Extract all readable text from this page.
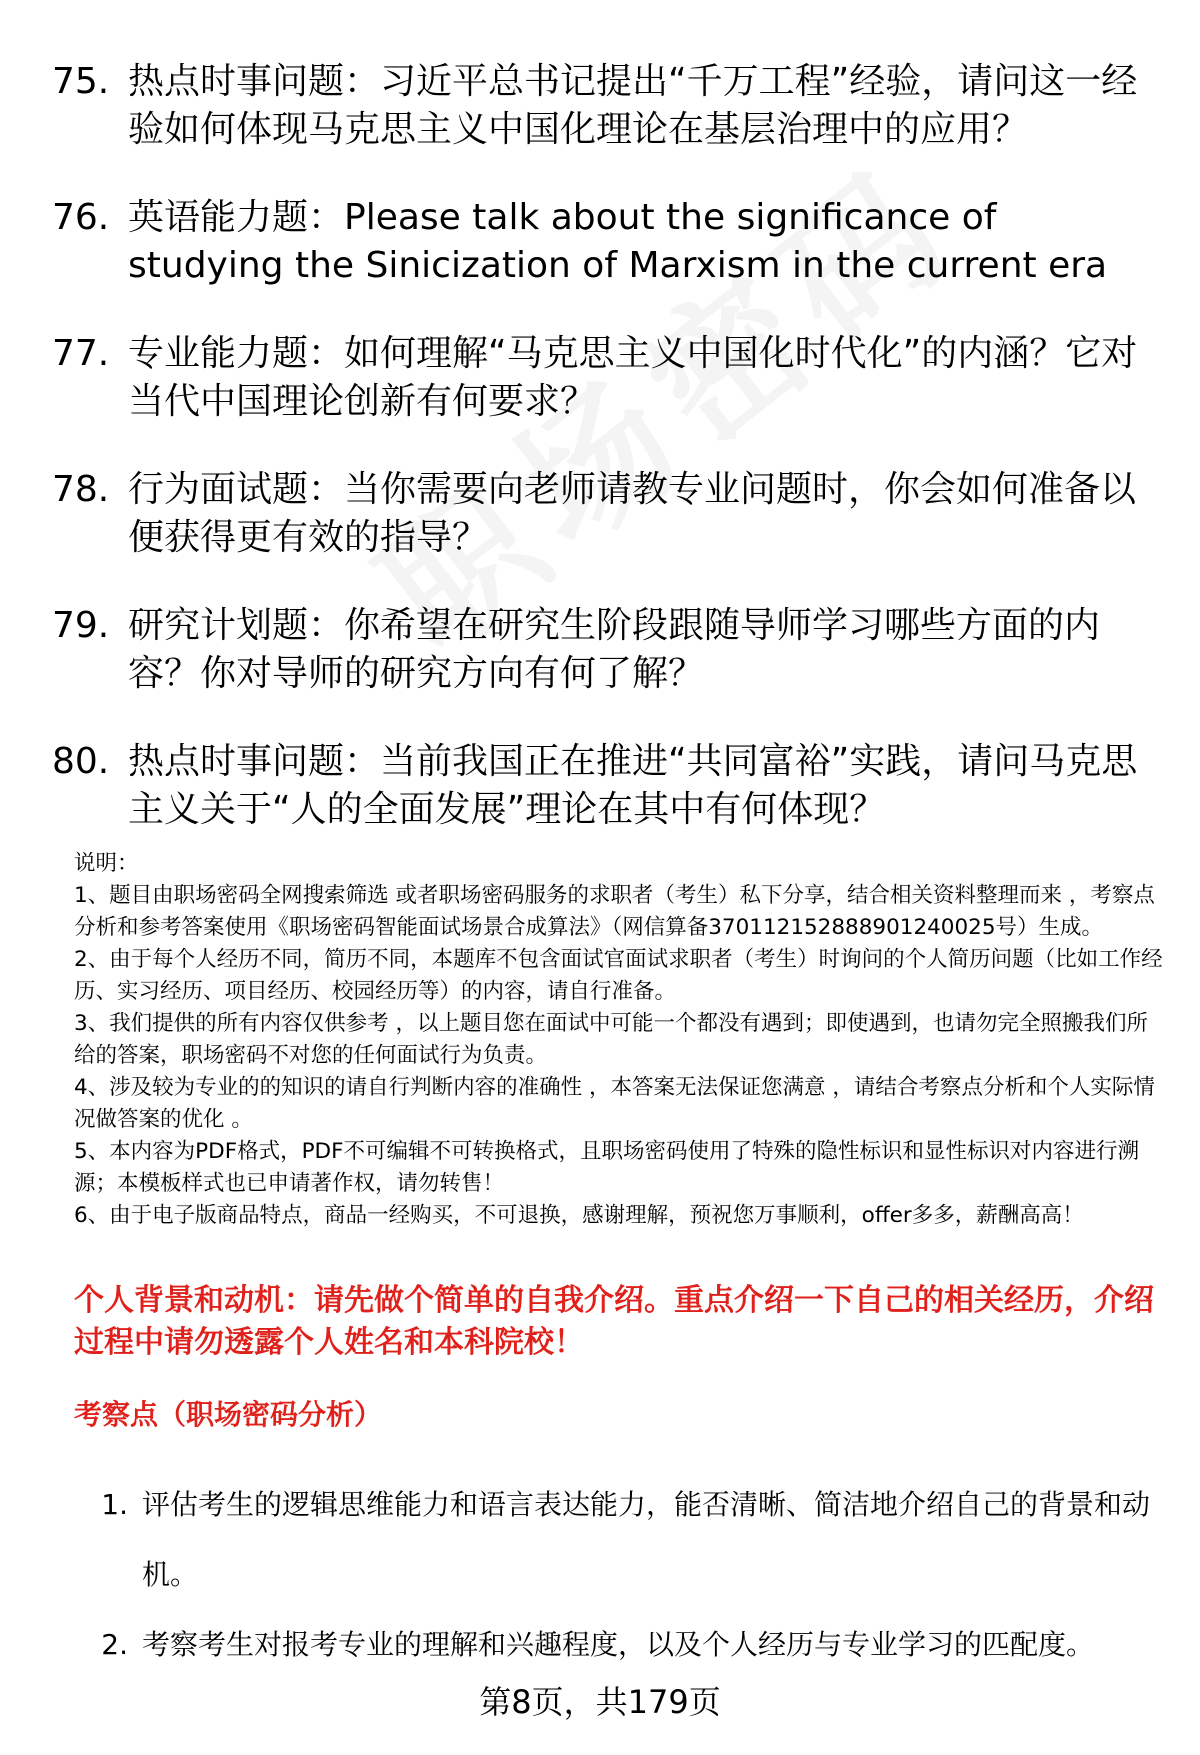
75. 热点时事问题：习近平总书记提出“千万工程”经验，请问这一经验如何体现马克思主义中国化理论在基层治理中的应用？
76. 英语能力题：Please talk about the significance of studying the Sinicization of Marxism in the current era
77. 专业能力题：如何理解“马克思主义中国化时代化”的内涵？它对当代中国理论创新有何要求？
78. 行为面试题：当你需要向老师请教专业问题时，你会如何准备以便获得更有效的指导？
79. 研究计划题：你希望在研究生阶段跟随导师学习哪些方面的内容？你对导师的研究方向有何了解？
80. 热点时事问题：当前我国正在推进“共同富裕”实践，请问马克思主义关于“人的全面发展”理论在其中有何体现？
说明：
1、题目由职场密码全网搜索筛选 或者职场密码服务的求职者（考生）私下分享，结合相关资料整理而来 ，考察点分析和参考答案使用《职场密码智能面试场景合成算法》（网信算备370112152888901240025号）生成。
2、由于每个人经历不同，简历不同，本题库不包含面试官面试求职者（考生）时询问的个人简历问题（比如工作经历、实习经历、项目经历、校园经历等）的内容，请自行准备。
3、我们提供的所有内容仅供参考 ，以上题目您在面试中可能一个都没有遇到；即使遇到，也请勿完全照搬我们所给的答案，职场密码不对您的任何面试行为负责。
4、涉及较为专业的的知识的请自行判断内容的准确性 ，本答案无法保证您满意 ，请结合考察点分析和个人实际情况做答案的优化 。
5、本内容为PDF格式，PDF不可编辑不可转换格式，且职场密码使用了特殊的隐性标识和显性标识对内容进行溯源；本模板样式也已申请著作权，请勿转售！
6、由于电子版商品特点，商品一经购买，不可退换，感谢理解，预祝您万事顺利，offer多多，薪酬高高！
个人背景和动机：请先做个简单的自我介绍。重点介绍一下自己的相关经历，介绍过程中请勿透露个人姓名和本科院校！
考察点（职场密码分析）
1. 评估考生的逻辑思维能力和语言表达能力，能否清晰、简洁地介绍自己的背景和动机。
2. 考察考生对报考专业的理解和兴趣程度，以及个人经历与专业学习的匹配度。
第8页，共179页
